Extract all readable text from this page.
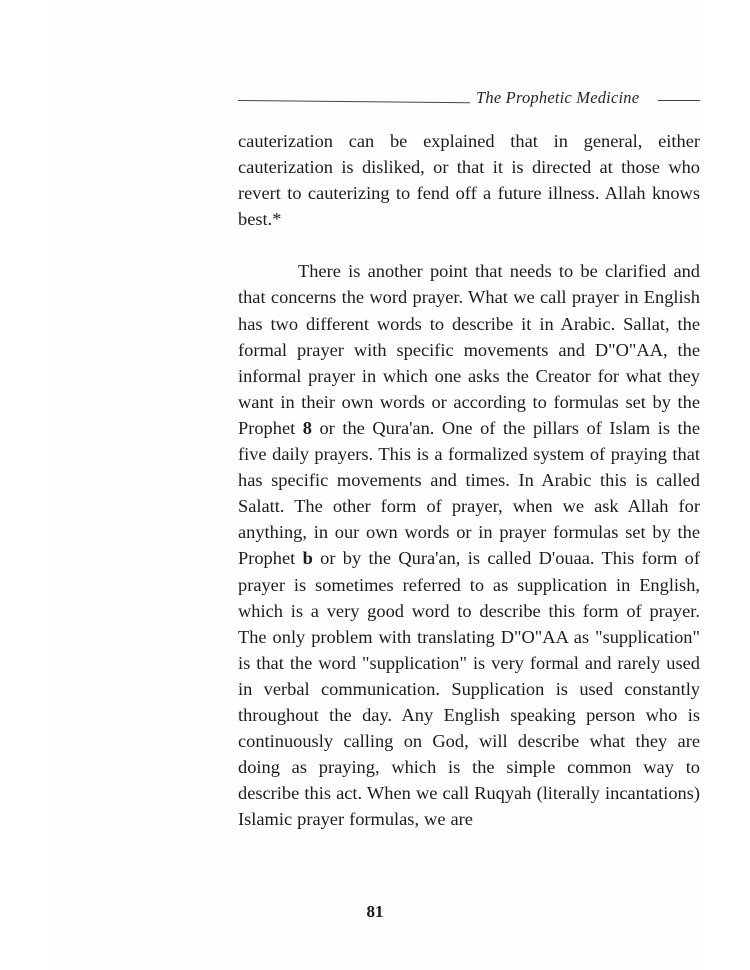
The Prophetic Medicine

cauterization can be explained that in general, either cauterization is disliked, or that it is directed at those who revert to cauterizing to fend off a future illness. Allah knows best.*

There is another point that needs to be clarified and that concerns the word prayer. What we call prayer in English has two different words to describe it in Arabic. Sallat, the formal prayer with specific movements and D"O"AA, the informal prayer in which one asks the Creator for what they want in their own words or according to formulas set by the Prophet 8 or the Qura'an. One of the pillars of Islam is the five daily prayers. This is a formalized system of praying that has specific movements and times. In Arabic this is called Salatt. The other form of prayer, when we ask Allah for anything, in our own words or in prayer formulas set by the Prophet b or by the Qura'an, is called D'ouaa. This form of prayer is sometimes referred to as supplication in English, which is a very good word to describe this form of prayer. The only problem with translating D"O"AA as "supplication" is that the word "supplication" is very formal and rarely used in verbal communication. Supplication is used constantly throughout the day. Any English speaking person who is continuously calling on God, will describe what they are doing as praying, which is the simple common way to describe this act. When we call Ruqyah (literally incantations) Islamic prayer formulas, we are

81
